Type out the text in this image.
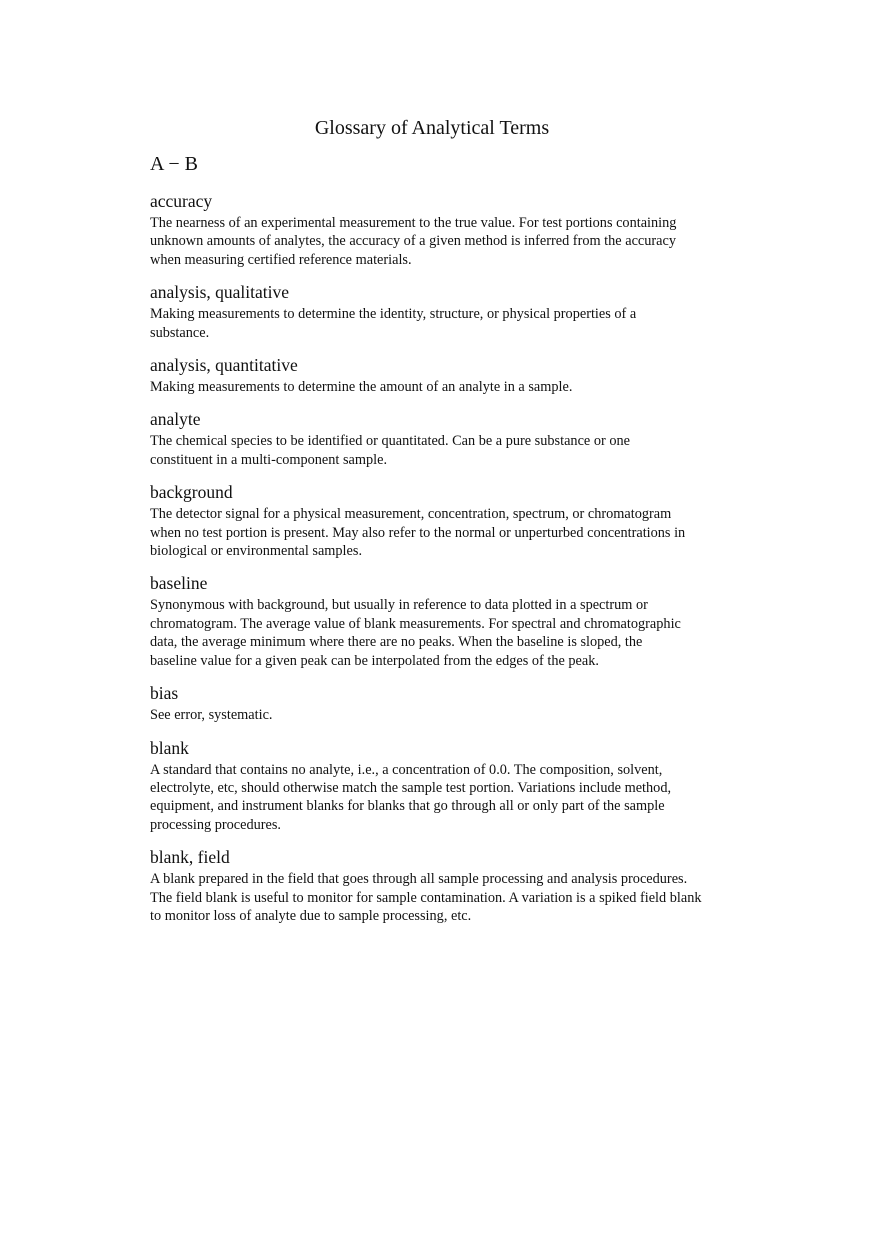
Glossary of Analytical Terms
A − B
accuracy
The nearness of an experimental measurement to the true value. For test portions containing
unknown amounts of analytes, the accuracy of a given method is inferred from the accuracy
when measuring certified reference materials.
analysis, qualitative
Making measurements to determine the identity, structure, or physical properties of a
substance.
analysis, quantitative
Making measurements to determine the amount of an analyte in a sample.
analyte
The chemical species to be identified or quantitated. Can be a pure substance or one
constituent in a multi-component sample.
background
The detector signal for a physical measurement, concentration, spectrum, or chromatogram
when no test portion is present. May also refer to the normal or unperturbed concentrations in
biological or environmental samples.
baseline
Synonymous with background, but usually in reference to data plotted in a spectrum or
chromatogram. The average value of blank measurements. For spectral and chromatographic
data, the average minimum where there are no peaks. When the baseline is sloped, the
baseline value for a given peak can be interpolated from the edges of the peak.
bias
See error, systematic.
blank
A standard that contains no analyte, i.e., a concentration of 0.0. The composition, solvent,
electrolyte, etc, should otherwise match the sample test portion. Variations include method,
equipment, and instrument blanks for blanks that go through all or only part of the sample
processing procedures.
blank, field
A blank prepared in the field that goes through all sample processing and analysis procedures.
The field blank is useful to monitor for sample contamination. A variation is a spiked field blank
to monitor loss of analyte due to sample processing, etc.
